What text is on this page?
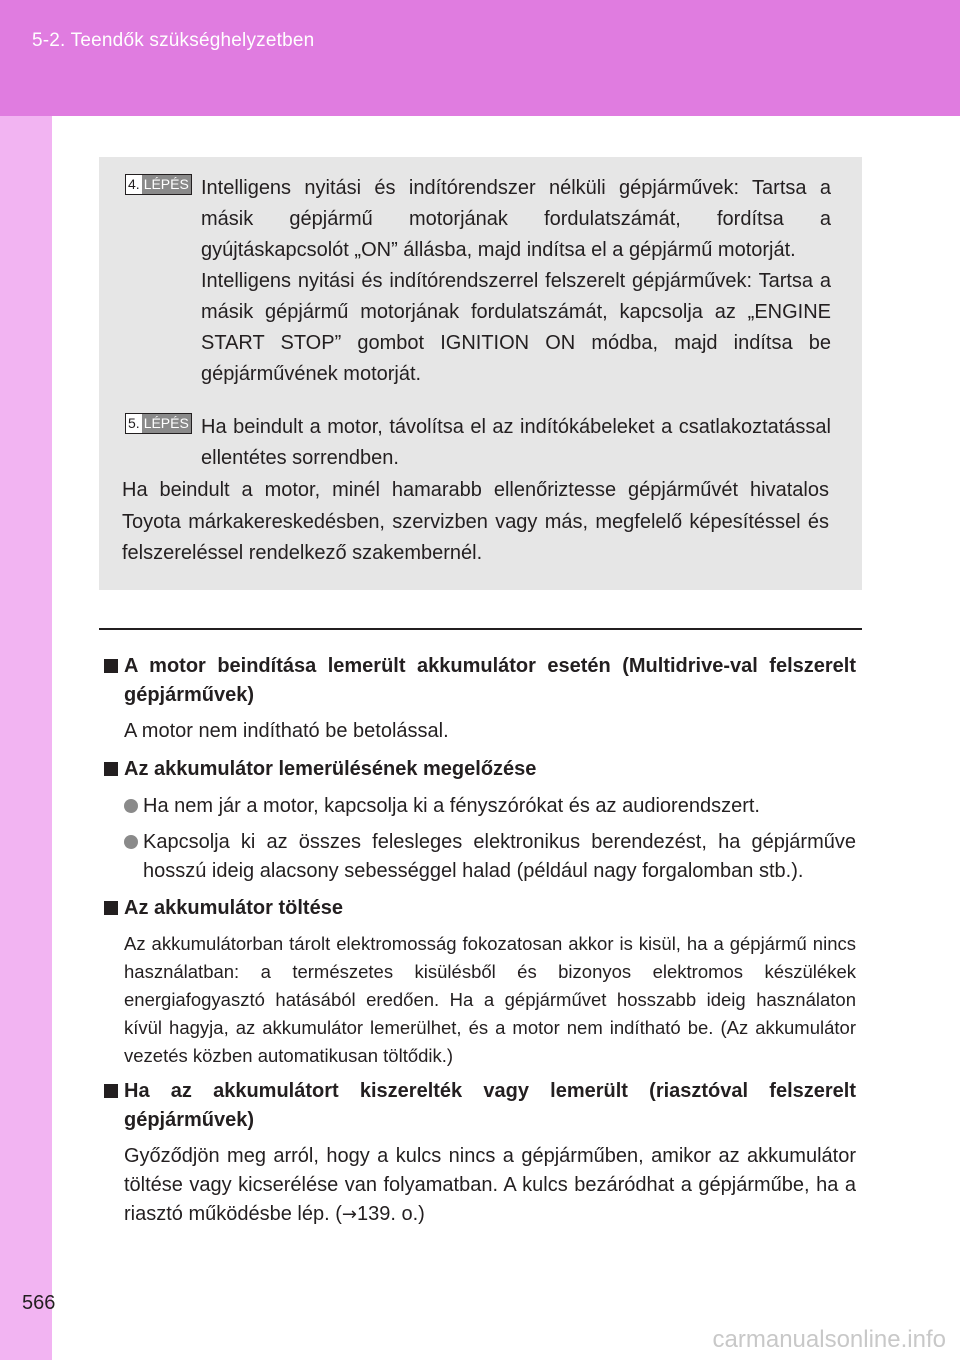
5-2. Teendők szükséghelyzetben
4. LÉPÉS Intelligens nyitási és indítórendszer nélküli gépjárművek: Tartsa a másik gépjármű motorjának fordulatszámát, fordítsa a gyújtáskapcsolót „ON” állásba, majd indítsa el a gépjármű motorját.

Intelligens nyitási és indítórendszerrel felszerelt gépjárművek: Tartsa a másik gépjármű motorjának fordulatszámát, kapcsolja az „ENGINE START STOP” gombot IGNITION ON módba, majd indítsa be gépjárművének motorját.

5. LÉPÉS Ha beindult a motor, távolítsa el az indítókábeleket a csatlakoztatással ellentétes sorrendben.

Ha beindult a motor, minél hamarabb ellenőriztesse gépjárművét hivatalos Toyota márkakereskedésben, szervizben vagy más, megfelelő képesítéssel és felszereléssel rendelkező szakembernél.

A motor beindítása lemerült akkumulátor esetén (Multidrive-val felszerelt gépjárművek)

A motor nem indítható be betolással.

Az akkumulátor lemerülésének megelőzése
Ha nem jár a motor, kapcsolja ki a fényszórókat és az audiorendszert.
Kapcsolja ki az összes felesleges elektronikus berendezést, ha gépjárműve hosszú ideig alacsony sebességgel halad (például nagy forgalomban stb.).
Az akkumulátor töltése

Az akkumulátorban tárolt elektromosság fokozatosan akkor is kisül, ha a gépjármű nincs használatban: a természetes kisülésből és bizonyos elektromos készülékek energiafogyasztó hatásából eredően. Ha a gépjárművet hosszabb ideig használaton kívül hagyja, az akkumulátor lemerülhet, és a motor nem indítható be. (Az akkumulátor vezetés közben automatikusan töltődik.)

Ha az akkumulátort kiszerelték vagy lemerült (riasztóval felszerelt gépjárművek)

Győződjön meg arról, hogy a kulcs nincs a gépjárműben, amikor az akkumulátor töltése vagy kicserélése van folyamatban. A kulcs bezáródhat a gépjárműbe, ha a riasztó működésbe lép. (→139. o.)

566
carmanualsonline.info
